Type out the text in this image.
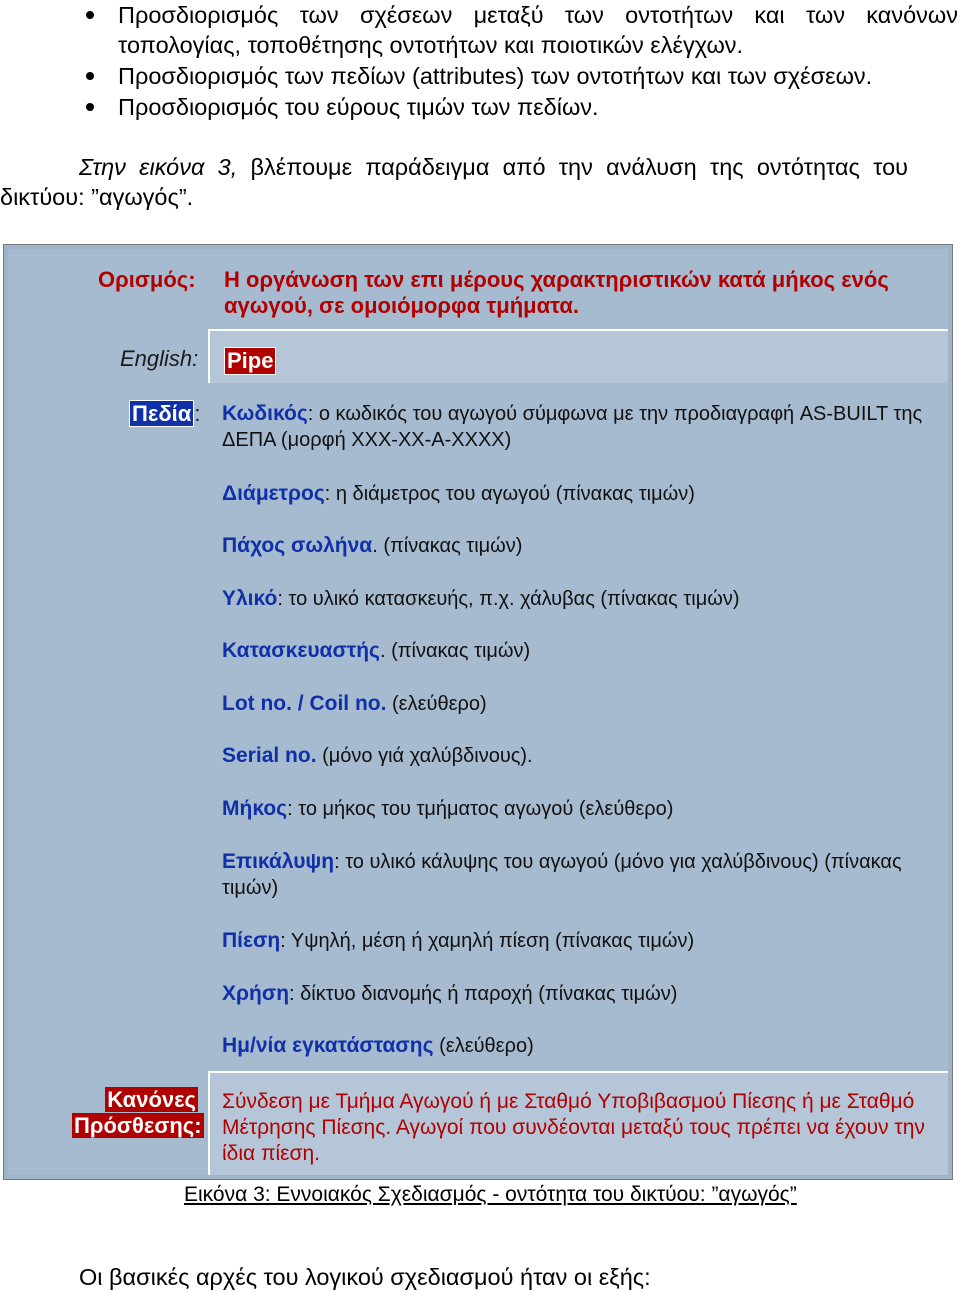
Προσδιορισμός των σχέσεων μεταξύ των οντοτήτων και των κανόνων τοπολογίας, τοποθέτησης οντοτήτων και ποιοτικών ελέγχων.
Προσδιορισμός των πεδίων (attributes) των οντοτήτων και των σχέσεων.
Προσδιορισμός του εύρους τιμών των πεδίων.
Στην εικόνα 3, βλέπουμε παράδειγμα από την ανάλυση της οντότητας του δικτύου: ”αγωγός”.
Ορισμός: Η οργάνωση των επι μέρους χαρακτηριστικών κατά μήκος ενός αγωγού, σε ομοιόμορφα τμήματα.
English: Pipe
Πεδία : Κωδικός: ο κωδικός του αγωγού σύμφωνα με την προδιαγραφή AS-BUILT της ΔΕΠΑ (μορφή XXX-XX-A-XXXX)
Διάμετρος: η διάμετρος του αγωγού (πίνακας τιμών)
Πάχος σωλήνα. (πίνακας τιμών)
Υλικό: το υλικό κατασκευής, π.χ. χάλυβας (πίνακας τιμών)
Κατασκευαστής. (πίνακας τιμών)
Lot no. / Coil no. (ελεύθερο)
Serial no. (μόνο γιά χαλύβδινους).
Μήκος: το μήκος του τμήματος αγωγού (ελεύθερο)
Επικάλυψη: το υλικό κάλυψης του αγωγού (μόνο για χαλύβδινους) (πίνακας τιμών)
Πίεση: Υψηλή, μέση ή χαμηλή πίεση (πίνακας τιμών)
Χρήση: δίκτυο διανομής ή παροχή (πίνακας τιμών)
Ημ/νία εγκατάστασης (ελεύθερο)
Κανόνες
Πρόσθεσης:
Σύνδεση με Τμήμα Αγωγού ή με Σταθμό Υποβιβασμού Πίεσης ή με Σταθμό Μέτρησης Πίεσης. Αγωγοί που συνδέονται μεταξύ τους πρέπει να έχουν την ίδια πίεση.
Εικόνα 3: Εννοιακός Σχεδιασμός - οντότητα του δικτύου: ”αγωγός”
Οι βασικές αρχές του λογικού σχεδιασμού ήταν οι εξής:
